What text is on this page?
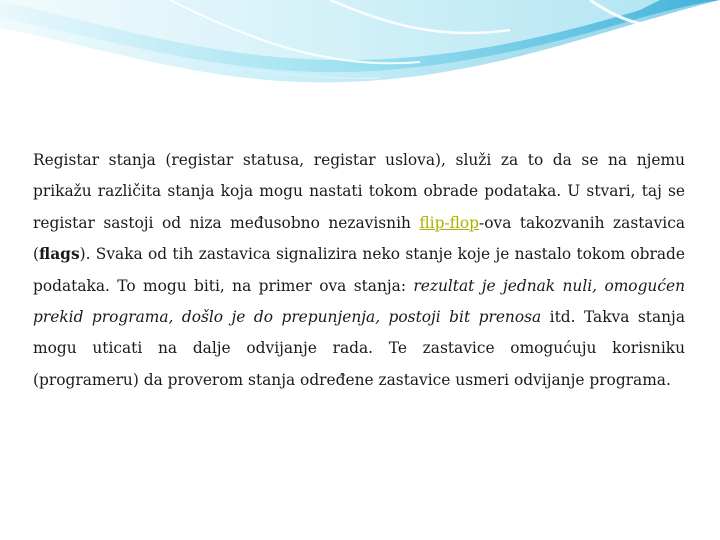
Registar stanja (registar statusa, registar uslova), služi za to da se na njemu prikažu različita stanja koja mogu nastati tokom obrade podataka. U stvari, taj se registar sastoji od niza međusobno nezavisnih flip-flop-ova takozvanih zastavica (flags). Svaka od tih zastavica signalizira neko stanje koje je nastalo tokom obrade podataka. To mogu biti, na primer ova stanja: rezultat je jednak nuli, omogućen prekid programa, došlo je do prepunjenja, postoji bit prenosa itd. Takva stanja mogu uticati na dalje odvijanje rada. Te zastavice omogućuju korisniku (programeru) da proverom stanja određene zastavice usmeri odvijanje programa.
